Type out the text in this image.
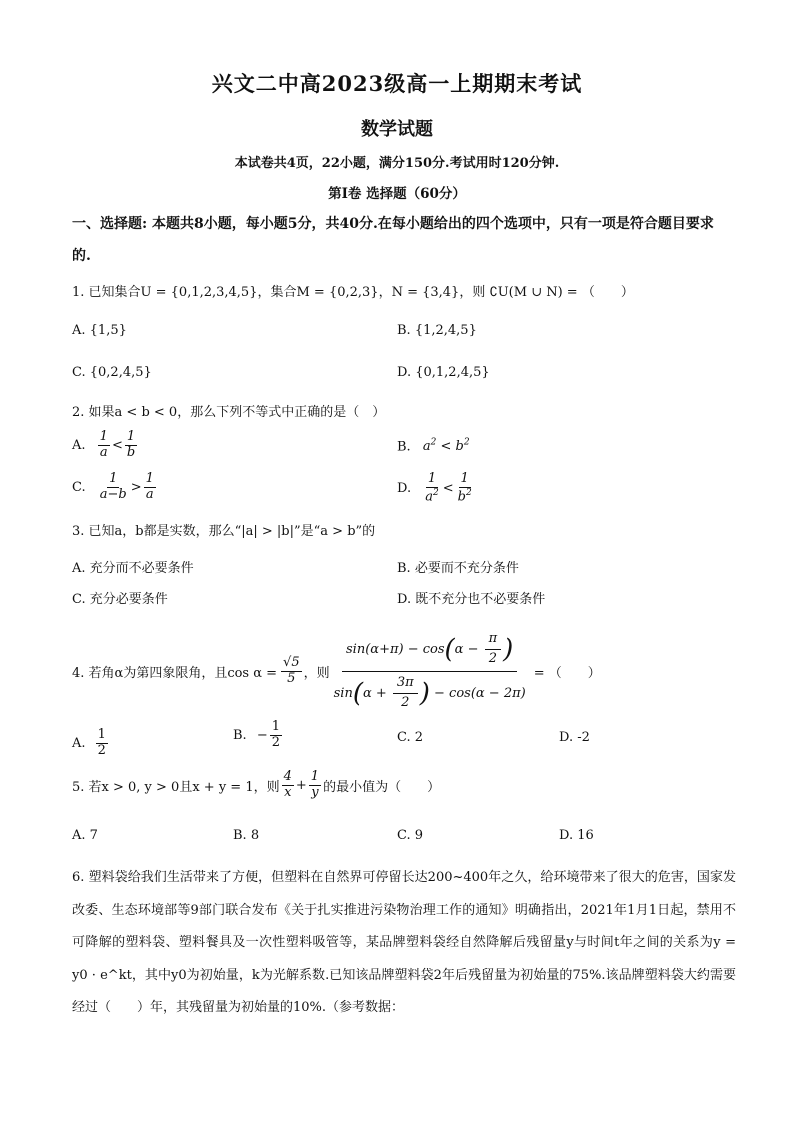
兴文二中高2023级高一上期期末考试
数学试题
本试卷共4页，22小题，满分150分.考试用时120分钟.
第I卷 选择题（60分）
一、选择题: 本题共8小题，每小题5分，共40分.在每小题给出的四个选项中，只有一项是符合题目要求的.
1. 已知集合U = {0,1,2,3,4,5}，集合M = {0,2,3}，N = {3,4}，则 ∁U(M ∪ N) = （　　）
A. {1,5}	B. {1,2,4,5}
C. {0,2,4,5}	D. {0,1,2,4,5}
2. 如果a < b < 0，那么下列不等式中正确的是（　）
A. $\frac{1}{a} < \frac{1}{b}$	B. $a^2 < b^2$
C. $\frac{1}{a-b} > \frac{1}{a}$	D. $\frac{1}{a^2} < \frac{1}{b^2}$
3. 已知a，b都是实数，那么“|a| > |b|”是“a > b”的
A. 充分而不必要条件	B. 必要而不充分条件
C. 充分必要条件	D. 既不充分也不必要条件
4. 若角α为第四象限角，且$\cos \alpha = \frac{√5}{5}$ ，则 $\frac{\sin(\alpha+\pi) - \cos(\alpha - \frac{\pi}{2} )}{\sin(\alpha + \frac{3\pi}{2} ) - \cos(\alpha - 2\pi)}$ = （　　）
A. $\frac{1}{2}$	B. − $\frac{1}{2}$	C. 2	D. -2
5. 若x > 0, y > 0且x + y = 1，则 $\frac{4}{x} + \frac{1}{y}$ 的最小值为（　　）
A. 7	B. 8	C. 9	D. 16
6. 塑料袋给我们生活带来了方便，但塑料在自然界可停留长达200~400年之久，给环境带来了很大的危害，国家发改委、生态环境部等9部门联合发布《关于扎实推进污染物治理工作的通知》明确指出，2021年1月1日起，禁用不可降解的塑料袋、塑料餐具及一次性塑料吸管等，某品牌塑料袋经自然降解后残留量y与时间t年之间的关系为y = y0 · e^kt，其中y0为初始量，k为光解系数.已知该品牌塑料袋2年后残留量为初始量的75%.该品牌塑料袋大约需要经过（　　）年，其残留量为初始量的10%.（参考数据：
